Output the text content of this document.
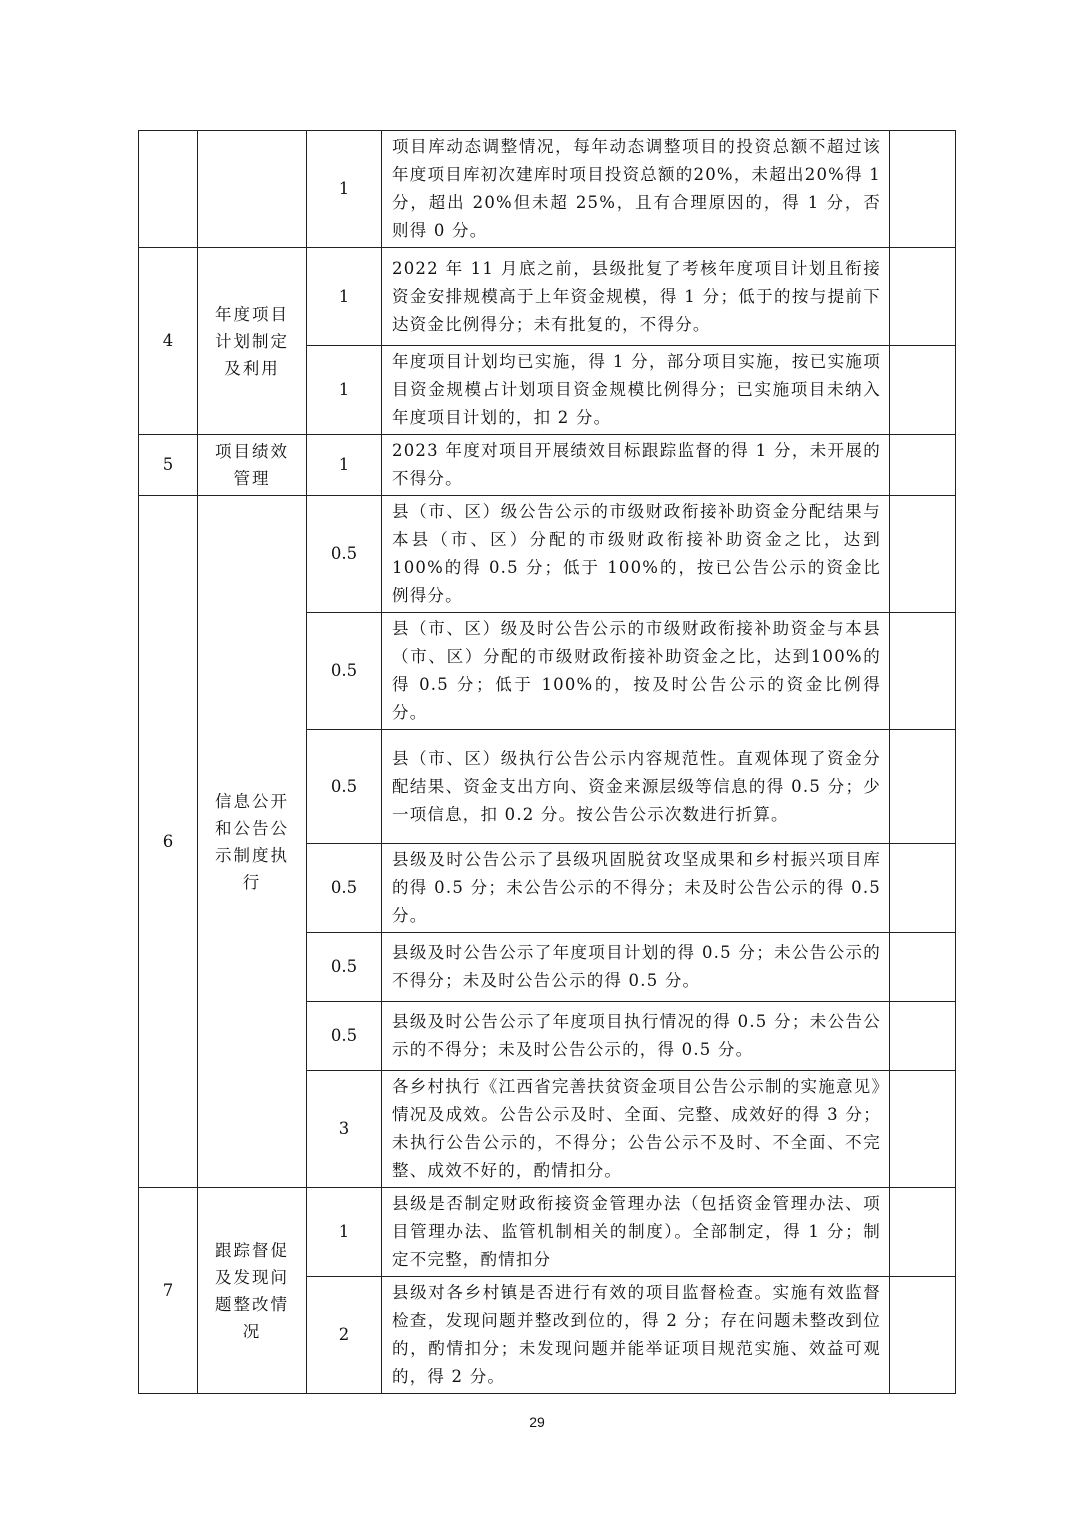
		1	项目库动态调整情况，每年动态调整项目的投资总额不超过该年度项目库初次建库时项目投资总额的20%，未超出20%得 1 分，超出 20%但未超 25%，且有合理原因的，得 1 分，否则得 0 分。	
4	年度项目计划制定及利用	1	2022 年 11 月底之前，县级批复了考核年度项目计划且衔接资金安排规模高于上年资金规模，得 1 分；低于的按与提前下达资金比例得分；未有批复的，不得分。	
		1	年度项目计划均已实施，得 1 分，部分项目实施，按已实施项目资金规模占计划项目资金规模比例得分；已实施项目未纳入年度项目计划的，扣 2 分。	
5	项目绩效管理	1	2023 年度对项目开展绩效目标跟踪监督的得 1 分，未开展的不得分。	
6	信息公开和公告公示制度执行	0.5	县（市、区）级公告公示的市级财政衔接补助资金分配结果与本县（市、区）分配的市级财政衔接补助资金之比，达到 100%的得 0.5 分；低于 100%的，按已公告公示的资金比例得分。	
		0.5	县（市、区）级及时公告公示的市级财政衔接补助资金与本县（市、区）分配的市级财政衔接补助资金之比，达到100%的得 0.5 分；低于 100%的，按及时公告公示的资金比例得分。	
		0.5	县（市、区）级执行公告公示内容规范性。直观体现了资金分配结果、资金支出方向、资金来源层级等信息的得 0.5 分；少一项信息，扣 0.2 分。按公告公示次数进行折算。	
		0.5	县级及时公告公示了县级巩固脱贫攻坚成果和乡村振兴项目库的得 0.5 分；未公告公示的不得分；未及时公告公示的得 0.5 分。	
		0.5	县级及时公告公示了年度项目计划的得 0.5 分；未公告公示的不得分；未及时公告公示的得 0.5 分。	
		0.5	县级及时公告公示了年度项目执行情况的得 0.5 分；未公告公示的不得分；未及时公告公示的，得 0.5 分。	
		3	各乡村执行《江西省完善扶贫资金项目公告公示制的实施意见》情况及成效。公告公示及时、全面、完整、成效好的得 3 分；未执行公告公示的，不得分；公告公示不及时、不全面、不完整、成效不好的，酌情扣分。	
7	跟踪督促及发现问题整改情况	1	县级是否制定财政衔接资金管理办法（包括资金管理办法、项目管理办法、监管机制相关的制度）。全部制定，得 1 分；制定不完整，酌情扣分	
		2	县级对各乡村镇是否进行有效的项目监督检查。实施有效监督检查，发现问题并整改到位的，得 2 分；存在问题未整改到位的，酌情扣分；未发现问题并能举证项目规范实施、效益可观的，得 2 分。	
29
